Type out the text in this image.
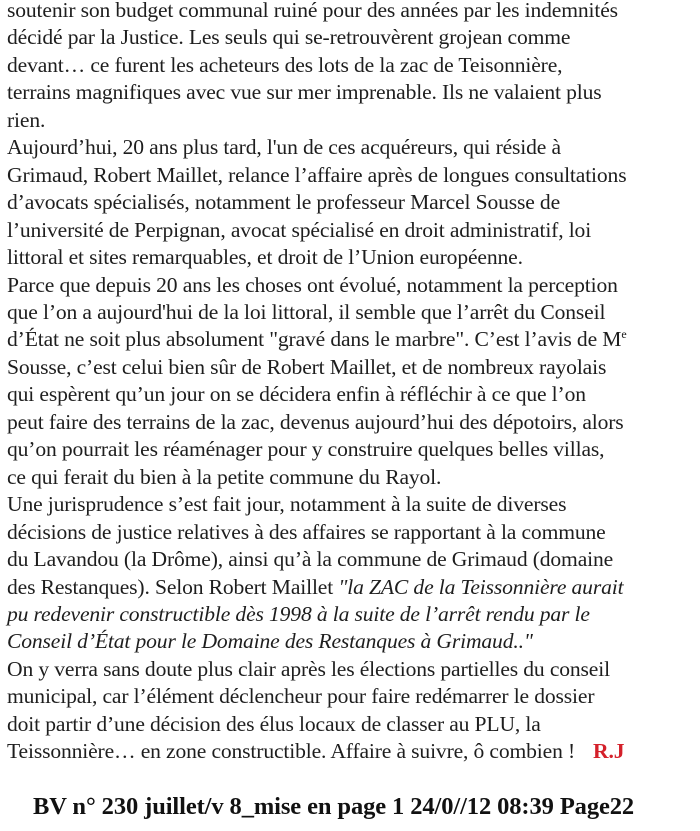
soutenir son budget communal ruiné pour des années par les indemnités
décidé par la Justice. Les seuls qui se-retrouvèrent grojean comme
devant… ce furent les acheteurs des lots de la zac de Teisonnière,
terrains magnifiques avec vue sur mer imprenable. Ils ne valaient plus
rien.
Aujourd’hui, 20 ans plus tard, l'un de ces acquéreurs, qui réside à
Grimaud, Robert Maillet, relance l’affaire après de longues consultations
d’avocats spécialisés, notamment le professeur Marcel Sousse de
l’université de Perpignan, avocat spécialisé en droit administratif, loi
littoral et sites remarquables, et droit de l’Union européenne.
Parce que depuis 20 ans les choses ont évolué, notamment la perception
que l’on a aujourd'hui de la loi littoral, il semble que l’arrêt du Conseil
d’État ne soit plus absolument "gravé dans le marbre". C’est l’avis de Me
Sousse, c’est celui bien sûr de Robert Maillet, et de nombreux rayolais
qui espèrent qu’un jour on se décidera enfin à réfléchir à ce que l’on
peut faire des terrains de la zac, devenus aujourd’hui des dépotoirs, alors
qu’on pourrait les réaménager pour y construire quelques belles villas,
ce qui ferait du bien à la petite commune du Rayol.
Une jurisprudence s’est fait jour, notamment à la suite de diverses
décisions de justice relatives à des affaires se rapportant à la commune
du Lavandou (la Drôme), ainsi qu’à la commune de Grimaud (domaine
des Restanques). Selon Robert Maillet "la ZAC de la Teissonnière aurait
pu redevenir constructible dès 1998 à la suite de l’arrêt rendu par le
Conseil d’État pour le Domaine des Restanques à Grimaud.."
On y verra sans doute plus clair après les élections partielles du conseil
municipal, car l’élément déclencheur pour faire redémarrer le dossier
doit partir d’une décision des élus locaux de classer au PLU, la
Teissonnière… en zone constructible. Affaire à suivre, ô combien ! R.J
BV n° 230 juillet/v 8_mise en page 1 24/0//12 08:39 Page22
